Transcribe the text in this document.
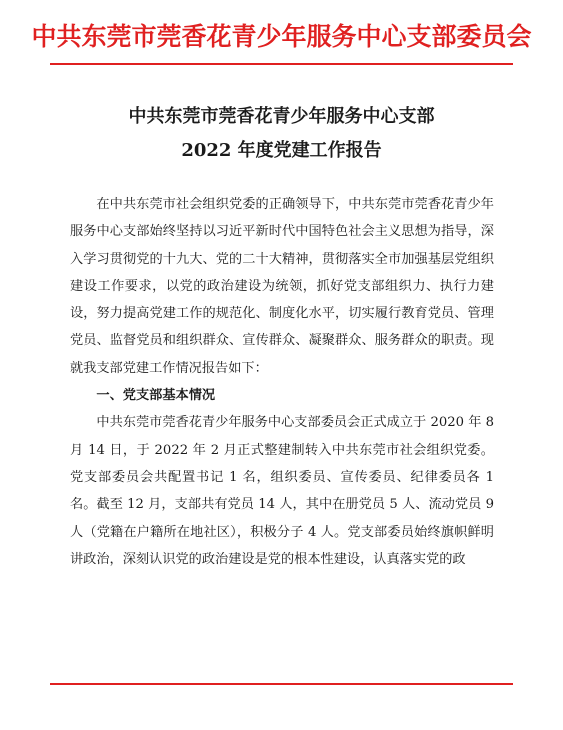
中共东莞市莞香花青少年服务中心支部委员会
中共东莞市莞香花青少年服务中心支部
2022 年度党建工作报告

在中共东莞市社会组织党委的正确领导下，中共东莞市莞香花青少年服务中心支部始终坚持以习近平新时代中国特色社会主义思想为指导，深入学习贯彻党的十九大、党的二十大精神，贯彻落实全市加强基层党组织建设工作要求，以党的政治建设为统领，抓好党支部组织力、执行力建设，努力提高党建工作的规范化、制度化水平，切实履行教育党员、管理党员、监督党员和组织群众、宣传群众、凝聚群众、服务群众的职责。现就我支部党建工作情况报告如下：

一、党支部基本情况

中共东莞市莞香花青少年服务中心支部委员会正式成立于 2020 年 8 月 14 日，于 2022 年 2 月正式整建制转入中共东莞市社会组织党委。党支部委员会共配置书记 1 名，组织委员、宣传委员、纪律委员各 1 名。截至 12 月，支部共有党员 14 人，其中在册党员 5 人、流动党员 9 人（党籍在户籍所在地社区），积极分子 4 人。党支部委员始终旗帜鲜明讲政治，深刻认识党的政治建设是党的根本性建设，认真落实党的政
